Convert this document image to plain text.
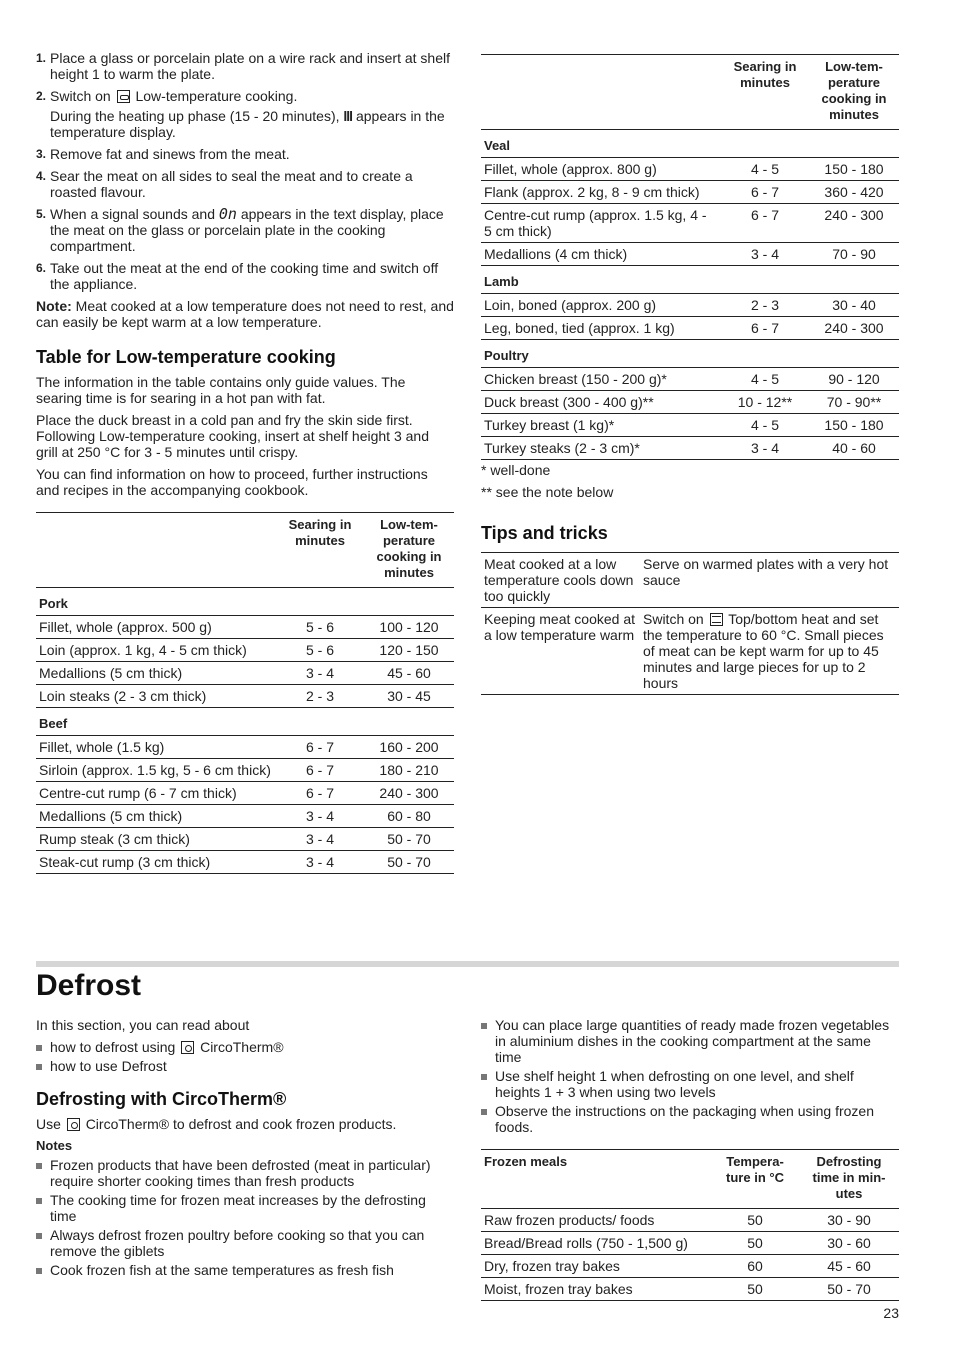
1. Place a glass or porcelain plate on a wire rack and insert at shelf height 1 to warm the plate.
2. Switch on Low-temperature cooking.
During the heating up phase (15 - 20 minutes), lll appears in the temperature display.
3. Remove fat and sinews from the meat.
4. Sear the meat on all sides to seal the meat and to create a roasted flavour.
5. When a signal sounds and 0n appears in the text display, place the meat on the glass or porcelain plate in the cooking compartment.
6. Take out the meat at the end of the cooking time and switch off the appliance.

Note: Meat cooked at a low temperature does not need to rest, and can easily be kept warm at a low temperature.

Table for Low-temperature cooking

The information in the table contains only guide values. The searing time is for searing in a hot pan with fat.

Place the duck breast in a cold pan and fry the skin side first. Following Low-temperature cooking, insert at shelf height 3 and grill at 250 °C for 3 - 5 minutes until crispy.

You can find information on how to proceed, further instructions and recipes in the accompanying cookbook.

	Searing in minutes	Low-tem- perature cooking in minutes
Pork		
Fillet, whole (approx. 500 g)	5 - 6	100 - 120
Loin (approx. 1 kg, 4 - 5 cm thick)	5 - 6	120 - 150
Medallions (5 cm thick)	3 - 4	45 - 60
Loin steaks (2 - 3 cm thick)	2 - 3	30 - 45
Beef		
Fillet, whole (1.5 kg)	6 - 7	160 - 200
Sirloin (approx. 1.5 kg, 5 - 6 cm thick)	6 - 7	180 - 210
Centre-cut rump (6 - 7 cm thick)	6 - 7	240 - 300
Medallions (5 cm thick)	3 - 4	60 - 80
Rump steak (3 cm thick)	3 - 4	50 - 70
Steak-cut rump (3 cm thick)	3 - 4	50 - 70
	Searing in minutes	Low-tem- perature cooking in minutes
Veal		
Fillet, whole (approx. 800 g)	4 - 5	150 - 180
Flank (approx. 2 kg, 8 - 9 cm thick)	6 - 7	360 - 420
Centre-cut rump (approx. 1.5 kg, 4 - 5 cm thick)	6 - 7	240 - 300
Medallions (4 cm thick)	3 - 4	70 - 90
Lamb		
Loin, boned (approx. 200 g)	2 - 3	30 - 40
Leg, boned, tied (approx. 1 kg)	6 - 7	240 - 300
Poultry		
Chicken breast (150 - 200 g)*	4 - 5	90 - 120
Duck breast (300 - 400 g)**	10 - 12**	70 - 90**
Turkey breast (1 kg)*	4 - 5	150 - 180
Turkey steaks (2 - 3 cm)*	3 - 4	40 - 60

* well-done

** see the note below

Tips and tricks
Meat cooked at a low temperature cools down too quickly	Serve on warmed plates with a very hot sauce
Keeping meat cooked at a low temperature warm	Switch on Top/bottom heat and set the temperature to 60 °C. Small pieces of meat can be kept warm for up to 45 minutes and large pieces for up to 2 hours
Defrost

In this section, you can read about

how to defrost using CircoTherm®
how to use Defrost
Defrosting with CircoTherm®

Use CircoTherm® to defrost and cook frozen products.

Notes
Frozen products that have been defrosted (meat in particular) require shorter cooking times than fresh products
The cooking time for frozen meat increases by the defrosting time
Always defrost frozen poultry before cooking so that you can remove the giblets
Cook frozen fish at the same temperatures as fresh fish
You can place large quantities of ready made frozen vegetables in aluminium dishes in the cooking compartment at the same time
Use shelf height 1 when defrosting on one level, and shelf heights 1 + 3 when using two levels
Observe the instructions on the packaging when using frozen foods.
Frozen meals	Tempera- ture in °C	Defrosting time in min- utes
Raw frozen products/ foods	50	30 - 90
Bread/Bread rolls (750 - 1,500 g)	50	30 - 60
Dry, frozen tray bakes	60	45 - 60
Moist, frozen tray bakes	50	50 - 70
23
